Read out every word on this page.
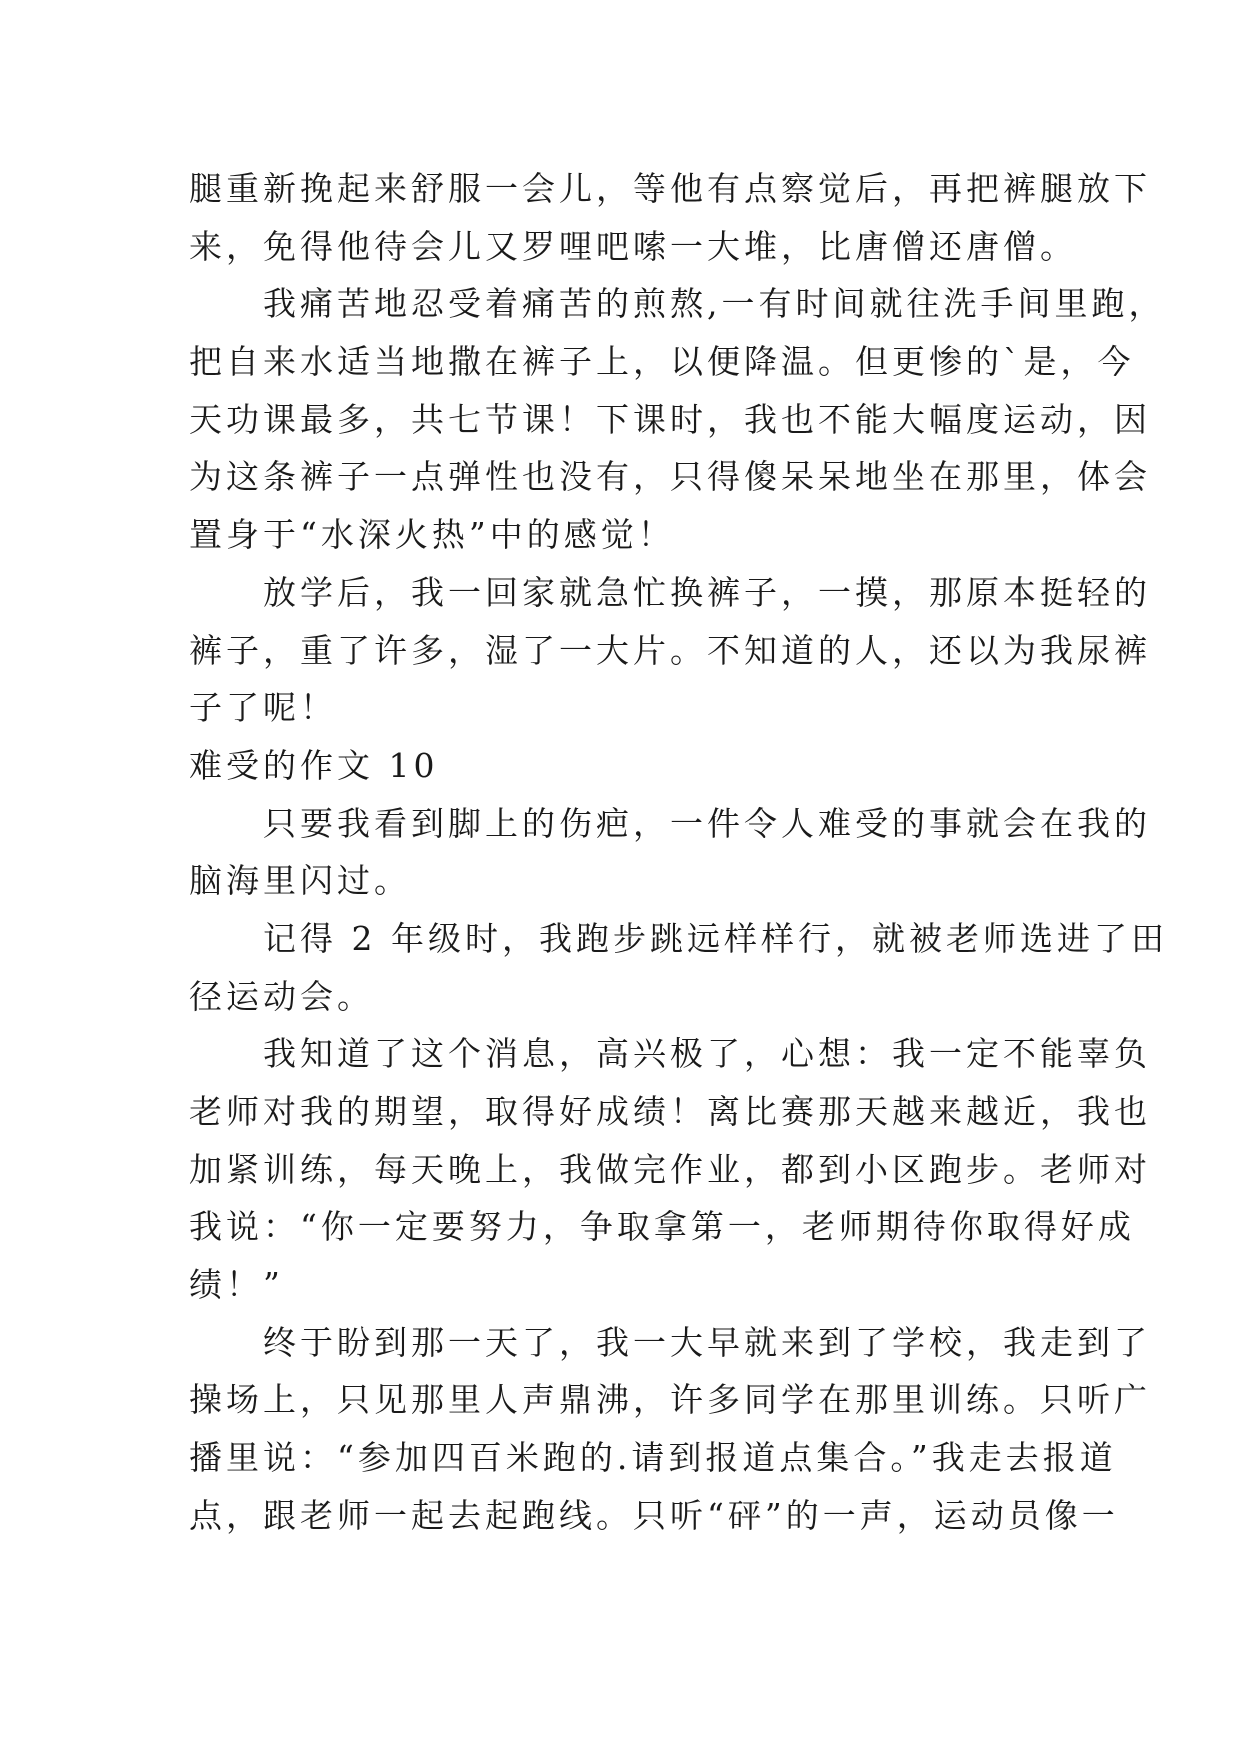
腿重新挽起来舒服一会儿，等他有点察觉后，再把裤腿放下
来，免得他待会儿又罗哩吧嗦一大堆，比唐僧还唐僧。
　　我痛苦地忍受着痛苦的煎熬,一有时间就往洗手间里跑，
把自来水适当地撒在裤子上，以便降温。但更惨的`是，今
天功课最多，共七节课！下课时，我也不能大幅度运动，因
为这条裤子一点弹性也没有，只得傻呆呆地坐在那里，体会
置身于“水深火热”中的感觉！
　　放学后，我一回家就急忙换裤子，一摸，那原本挺轻的
裤子，重了许多，湿了一大片。不知道的人，还以为我尿裤
子了呢！
难受的作文 10
　　只要我看到脚上的伤疤，一件令人难受的事就会在我的
脑海里闪过。
　　记得 2 年级时，我跑步跳远样样行，就被老师选进了田
径运动会。
　　我知道了这个消息，高兴极了，心想：我一定不能辜负
老师对我的期望，取得好成绩！离比赛那天越来越近，我也
加紧训练，每天晚上，我做完作业，都到小区跑步。老师对
我说：“你一定要努力，争取拿第一，老师期待你取得好成
绩！”
　　终于盼到那一天了，我一大早就来到了学校，我走到了
操场上，只见那里人声鼎沸，许多同学在那里训练。只听广
播里说：“参加四百米跑的.请到报道点集合。”我走去报道
点，跟老师一起去起跑线。只听“砰”的一声，运动员像一
